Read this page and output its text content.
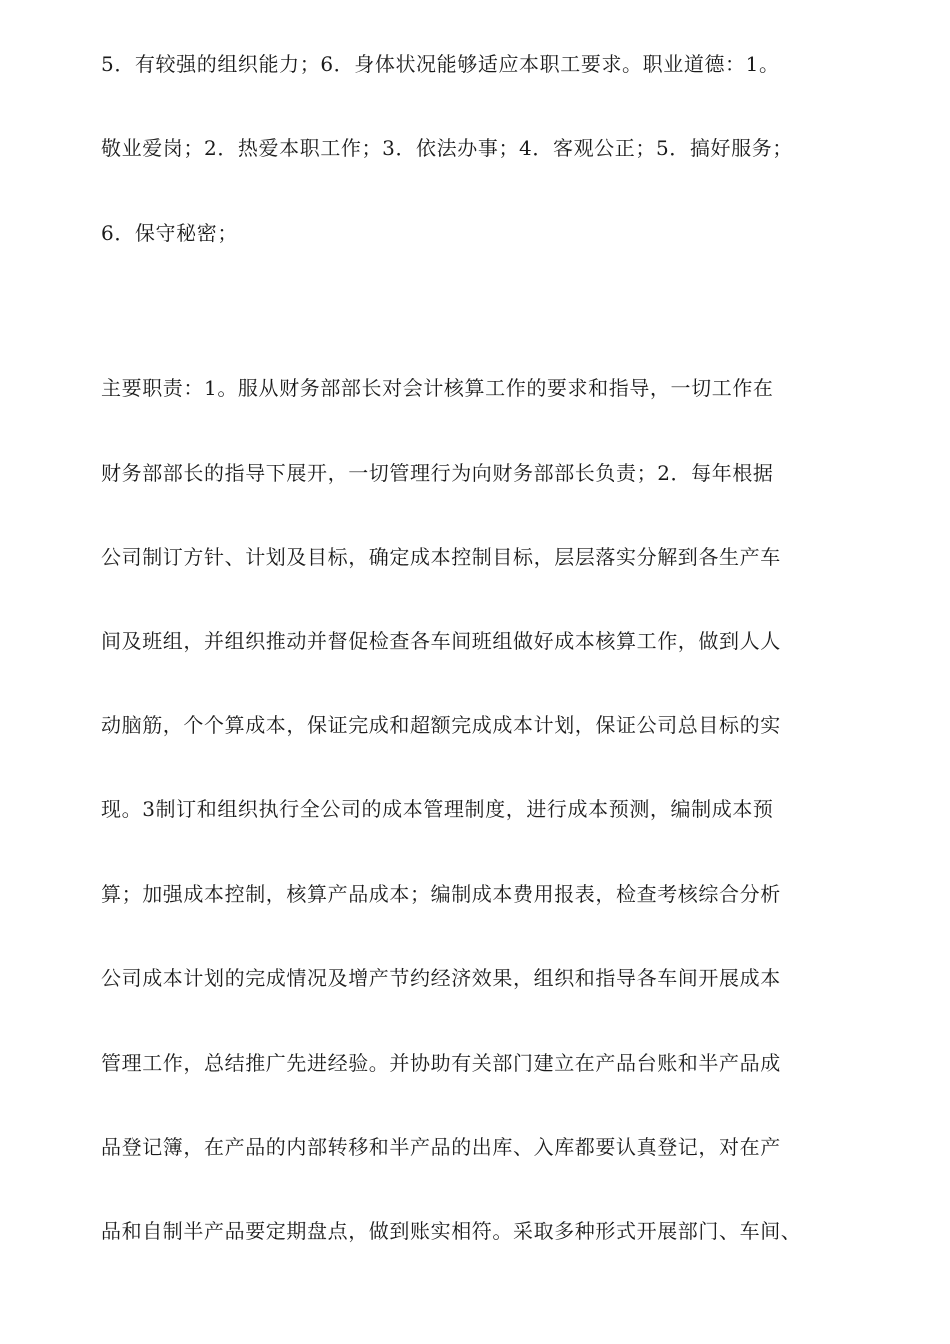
5．有较强的组织能力；6．身体状况能够适应本职工要求。职业道德：1。
敬业爱岗；2．热爱本职工作；3．依法办事；4．客观公正；5．搞好服务；
6．保守秘密；
主要职责：1。服从财务部部长对会计核算工作的要求和指导，一切工作在
财务部部长的指导下展开，一切管理行为向财务部部长负责；2．每年根据
公司制订方针、计划及目标，确定成本控制目标，层层落实分解到各生产车
间及班组，并组织推动并督促检查各车间班组做好成本核算工作，做到人人
动脑筋，个个算成本，保证完成和超额完成成本计划，保证公司总目标的实
现。3制订和组织执行全公司的成本管理制度，进行成本预测，编制成本预
算；加强成本控制，核算产品成本；编制成本费用报表，检查考核综合分析
公司成本计划的完成情况及增产节约经济效果，组织和指导各车间开展成本
管理工作，总结推广先进经验。并协助有关部门建立在产品台账和半产品成
品登记簿，在产品的内部转移和半产品的出库、入库都要认真登记，对在产
品和自制半产品要定期盘点，做到账实相符。采取多种形式开展部门、车间、
